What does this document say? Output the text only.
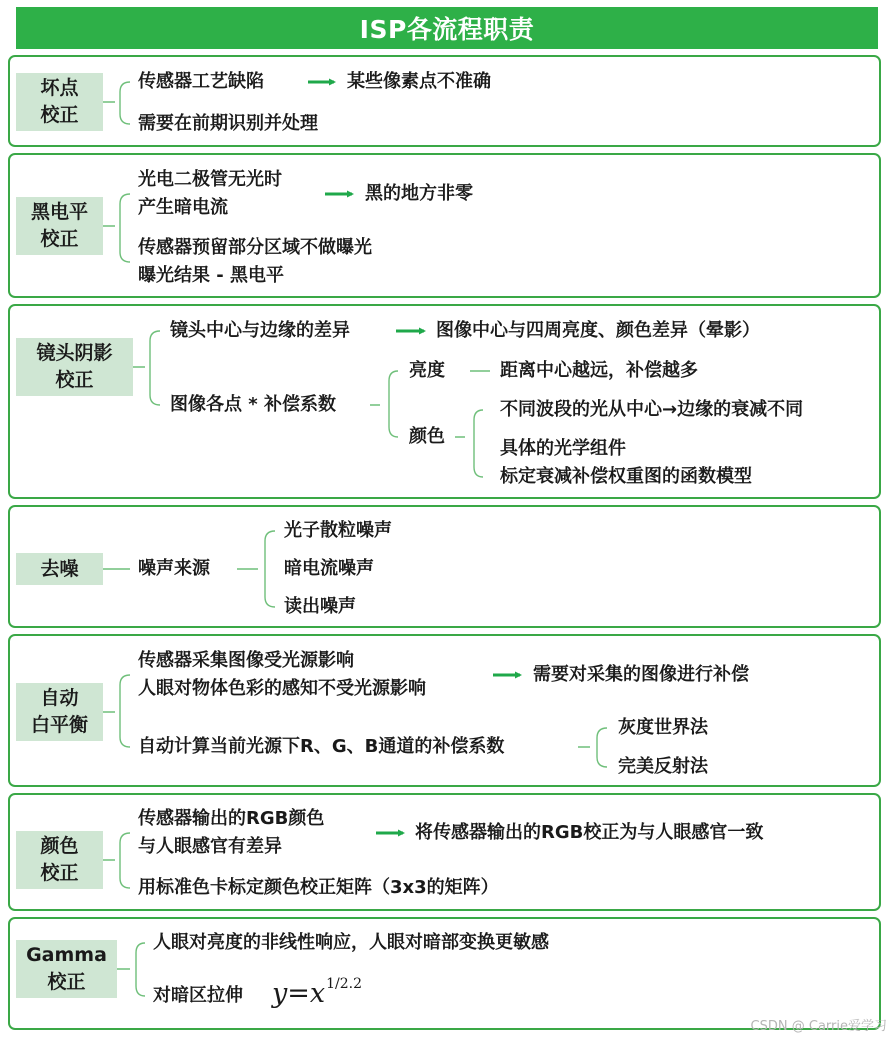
ISP各流程职责
坏点
校正
传感器工艺缺陷	某些像素点不准确
需要在前期识别并处理
黑电平
校正
光电二极管无光时
产生暗电流
黑的地方非零
传感器预留部分区域不做曝光
曝光结果 - 黑电平
镜头阴影
校正
镜头中心与边缘的差异	图像中心与四周亮度、颜色差异（晕影）
图像各点 * 补偿系数
亮度	距离中心越远，补偿越多
颜色
不同波段的光从中心→边缘的衰减不同
具体的光学组件
标定衰减补偿权重图的函数模型
去噪	噪声来源
光子散粒噪声
暗电流噪声
读出噪声
自动
白平衡
传感器采集图像受光源影响
人眼对物体色彩的感知不受光源影响
需要对采集的图像进行补偿
自动计算当前光源下R、G、B通道的补偿系数
灰度世界法
完美反射法
颜色
校正
传感器输出的RGB颜色
与人眼感官有差异
将传感器输出的RGB校正为与人眼感官一致
用标准色卡标定颜色校正矩阵（3x3的矩阵）
Gamma
校正
人眼对亮度的非线性响应，人眼对暗部变换更敏感
对暗区拉伸 $y=x^{1/2.2}$
CSDN @ Carrie爱学习
